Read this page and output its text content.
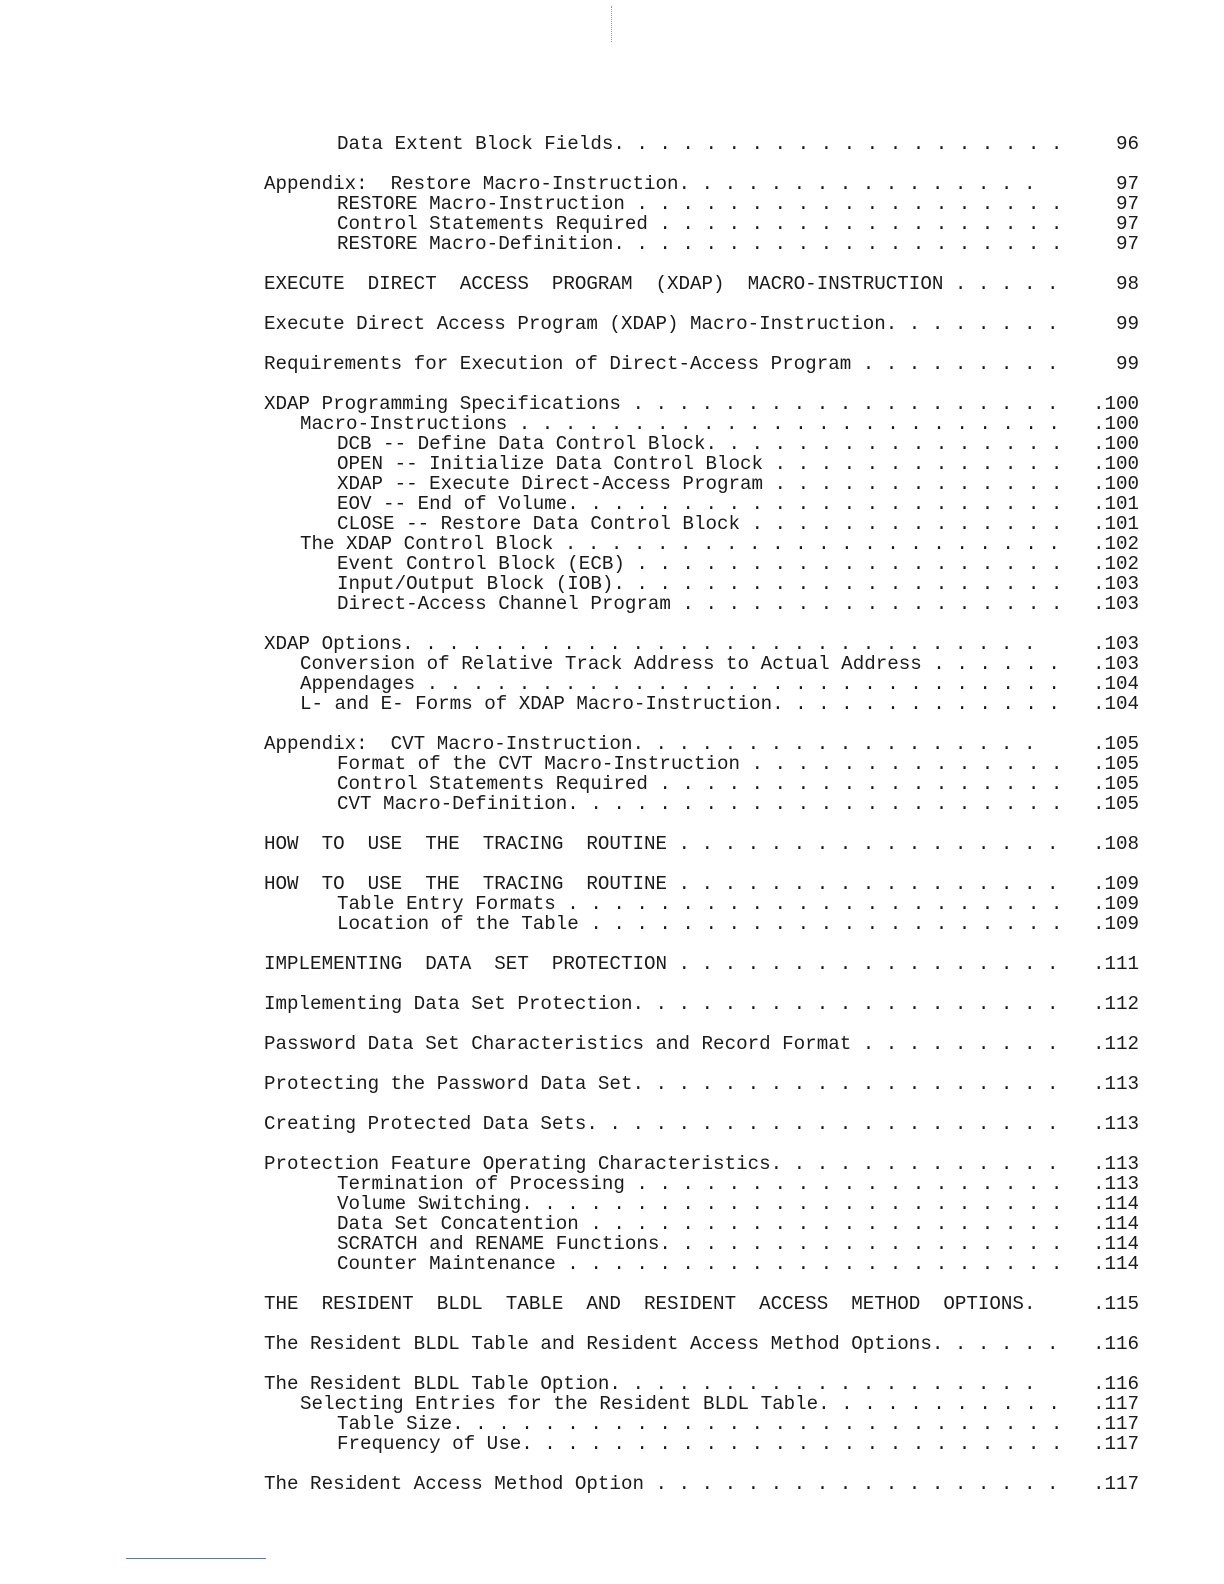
Data Extent Block Fields. . . . . . . . . . . . . . . . . . . .	96
Appendix:  Restore Macro-Instruction. . . . . . . . . . . . . . . .	97
RESTORE Macro-Instruction . . . . . . . . . . . . . . . . . . .	97
Control Statements Required . . . . . . . . . . . . . . . . . .	97
RESTORE Macro-Definition. . . . . . . . . . . . . . . . . . . .	97
EXECUTE  DIRECT  ACCESS  PROGRAM  (XDAP)  MACRO-INSTRUCTION . . . . .	98
Execute Direct Access Program (XDAP) Macro-Instruction. . . . . . . .	99
Requirements for Execution of Direct-Access Program . . . . . . . . .	99
XDAP Programming Specifications . . . . . . . . . . . . . . . . . . . .100
Macro-Instructions . . . . . . . . . . . . . . . . . . . . . . . . .100
DCB -- Define Data Control Block. . . . . . . . . . . . . . . . .100
OPEN -- Initialize Data Control Block . . . . . . . . . . . . . .100
XDAP -- Execute Direct-Access Program . . . . . . . . . . . . . .100
EOV -- End of Volume. . . . . . . . . . . . . . . . . . . . . . .101
CLOSE -- Restore Data Control Block . . . . . . . . . . . . . . .101
The XDAP Control Block . . . . . . . . . . . . . . . . . . . . . . .102
Event Control Block (ECB) . . . . . . . . . . . . . . . . . . . .102
Input/Output Block (IOB). . . . . . . . . . . . . . . . . . . . .103
Direct-Access Channel Program . . . . . . . . . . . . . . . . . .103
XDAP Options. . . . . . . . . . . . . . . . . . . . . . . . . . . .	.103
Conversion of Relative Track Address to Actual Address . . . . . . .103
Appendages . . . . . . . . . . . . . . . . . . . . . . . . . . . . .104
L- and E- Forms of XDAP Macro-Instruction. . . . . . . . . . . . . .104
Appendix:  CVT Macro-Instruction. . . . . . . . . . . . . . . . . .	.105
Format of the CVT Macro-Instruction . . . . . . . . . . . . . . .105
Control Statements Required . . . . . . . . . . . . . . . . . . .105
CVT Macro-Definition. . . . . . . . . . . . . . . . . . . . . . .105
HOW  TO  USE  THE  TRACING  ROUTINE . . . . . . . . . . . . . . . . . .108
HOW  TO  USE  THE  TRACING  ROUTINE . . . . . . . . . . . . . . . . . .109
Table Entry Formats . . . . . . . . . . . . . . . . . . . . . . .109
Location of the Table . . . . . . . . . . . . . . . . . . . . . .109
IMPLEMENTING  DATA  SET  PROTECTION . . . . . . . . . . . . . . . . . .111
Implementing Data Set Protection. . . . . . . . . . . . . . . . . . . .112
Password Data Set Characteristics and Record Format . . . . . . . . . .112
Protecting the Password Data Set. . . . . . . . . . . . . . . . . . . .113
Creating Protected Data Sets. . . . . . . . . . . . . . . . . . . . . .113
Protection Feature Operating Characteristics. . . . . . . . . . . . . .113
Termination of Processing . . . . . . . . . . . . . . . . . . . .113
Volume Switching. . . . . . . . . . . . . . . . . . . . . . . . .114
Data Set Concatention . . . . . . . . . . . . . . . . . . . . . .114
SCRATCH and RENAME Functions. . . . . . . . . . . . . . . . . . .114
Counter Maintenance . . . . . . . . . . . . . . . . . . . . . . .114
THE  RESIDENT  BLDL  TABLE  AND  RESIDENT  ACCESS  METHOD  OPTIONS.	.115
The Resident BLDL Table and Resident Access Method Options. . . . . . .116
The Resident BLDL Table Option. . . . . . . . . . . . . . . . . . .	.116
Selecting Entries for the Resident BLDL Table. . . . . . . . . . . .117
Table Size. . . . . . . . . . . . . . . . . . . . . . . . . . . .117
Frequency of Use. . . . . . . . . . . . . . . . . . . . . . . . .117
The Resident Access Method Option . . . . . . . . . . . . . . . . . . .117
